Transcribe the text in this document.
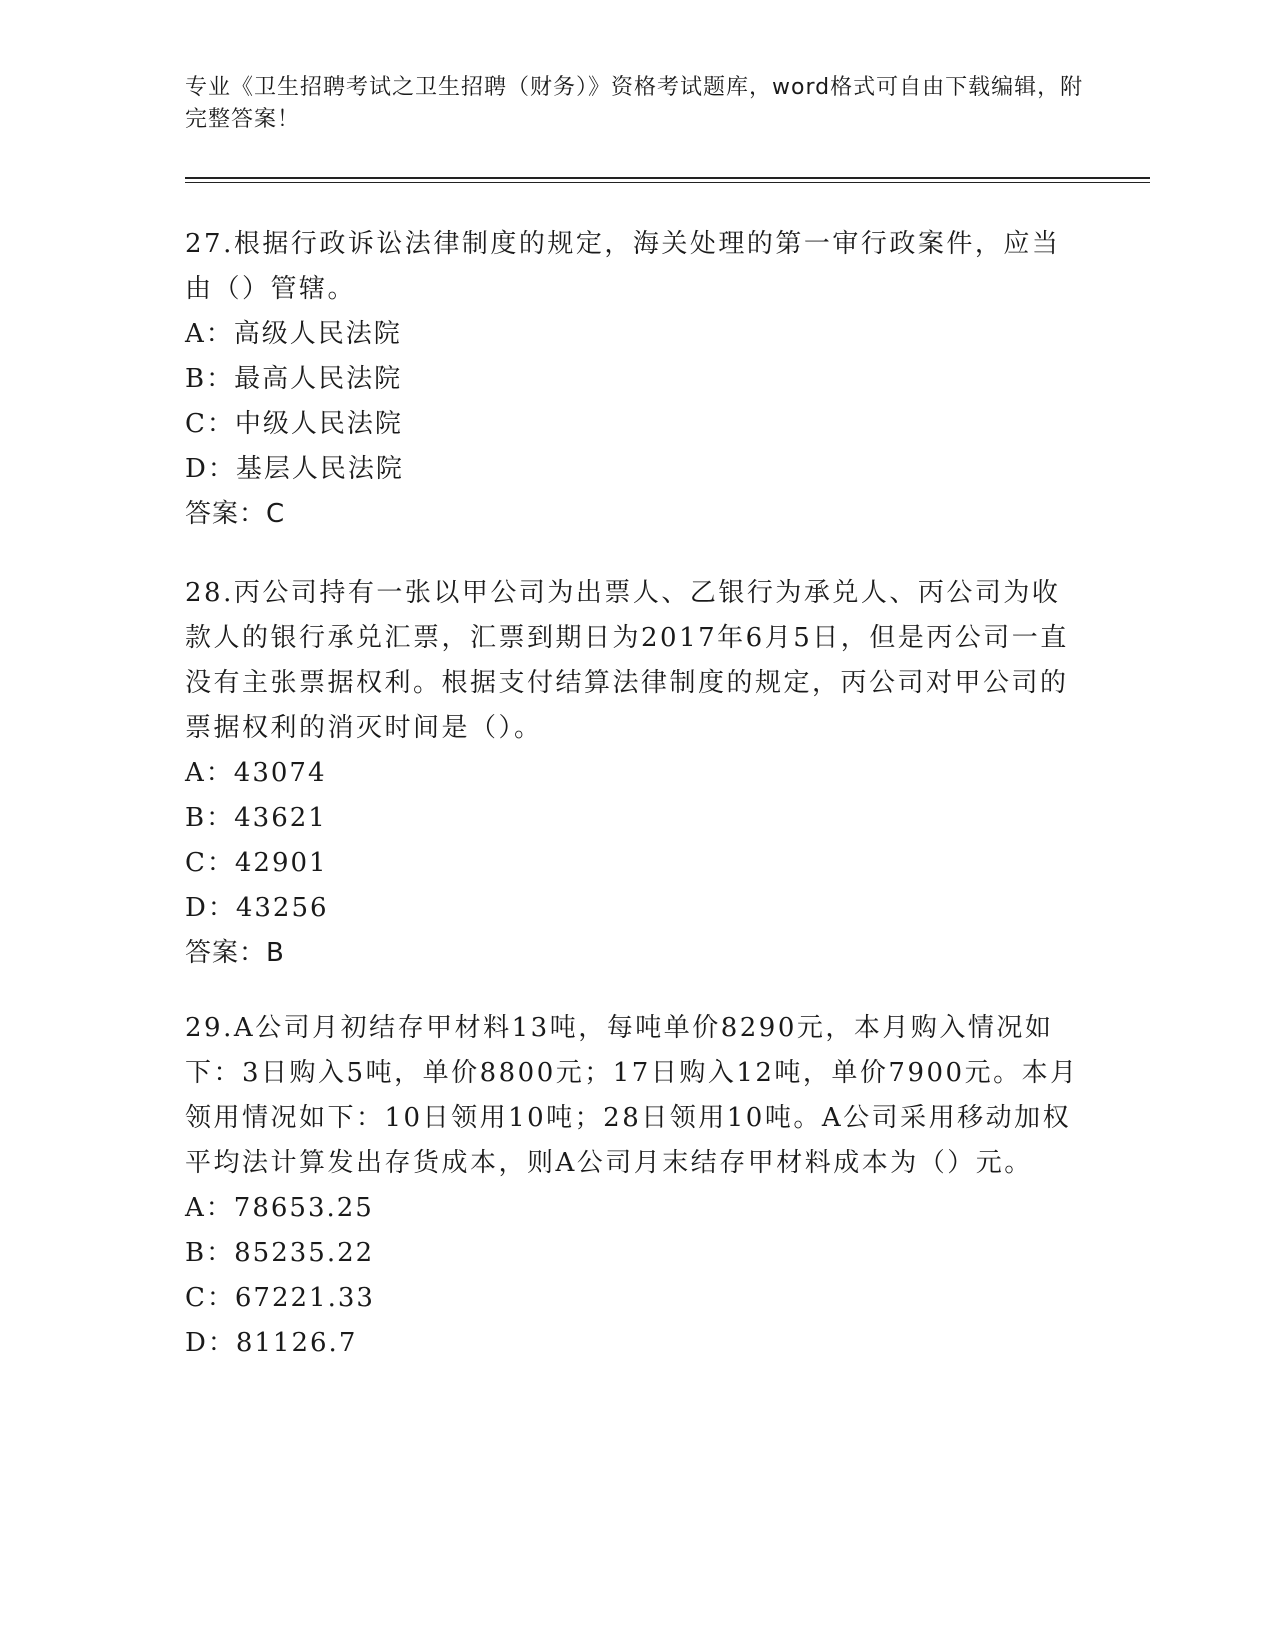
专业《卫生招聘考试之卫生招聘（财务）》资格考试题库，word格式可自由下载编辑，附完整答案！

27.根据行政诉讼法律制度的规定，海关处理的第一审行政案件，应当由（）管辖。

A：高级人民法院

B：最高人民法院

C：中级人民法院

D：基层人民法院

答案：C

28.丙公司持有一张以甲公司为出票人、乙银行为承兑人、丙公司为收款人的银行承兑汇票，汇票到期日为2017年6月5日，但是丙公司一直没有主张票据权利。根据支付结算法律制度的规定，丙公司对甲公司的票据权利的消灭时间是（）。

A：43074

B：43621

C：42901

D：43256

答案：B

29.A公司月初结存甲材料13吨，每吨单价8290元，本月购入情况如下：3日购入5吨，单价8800元；17日购入12吨，单价7900元。本月领用情况如下：10日领用10吨；28日领用10吨。A公司采用移动加权平均法计算发出存货成本，则A公司月末结存甲材料成本为（）元。

A：78653.25

B：85235.22

C：67221.33

D：81126.7
